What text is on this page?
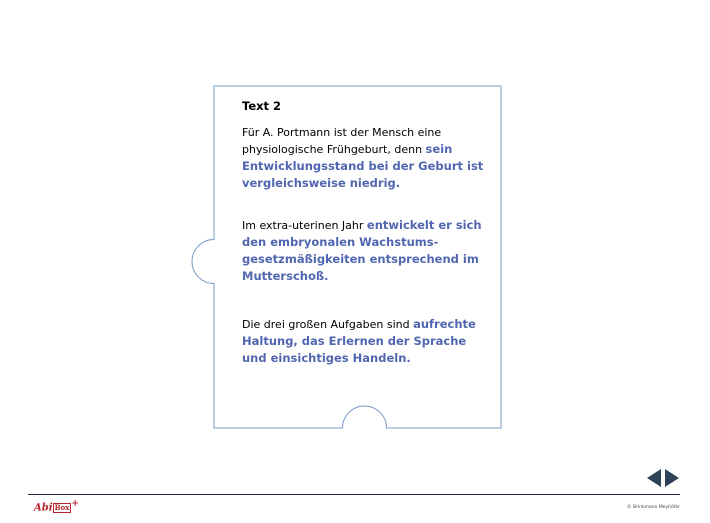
Text 2

Für A. Portmann ist der Mensch eine physiologische Frühgeburt, denn sein Entwicklungsstand bei der Geburt ist vergleichsweise niedrig.

Im extra-uterinen Jahr entwickelt er sich den embryonalen Wachstums-gesetzmäßigkeiten entsprechend im Mutterschoß.

Die drei großen Aufgaben sind aufrechte Haltung, das Erlernen der Sprache und einsichtiges Handeln.

Abi Box +	© Brinkmann Meyhöfer
